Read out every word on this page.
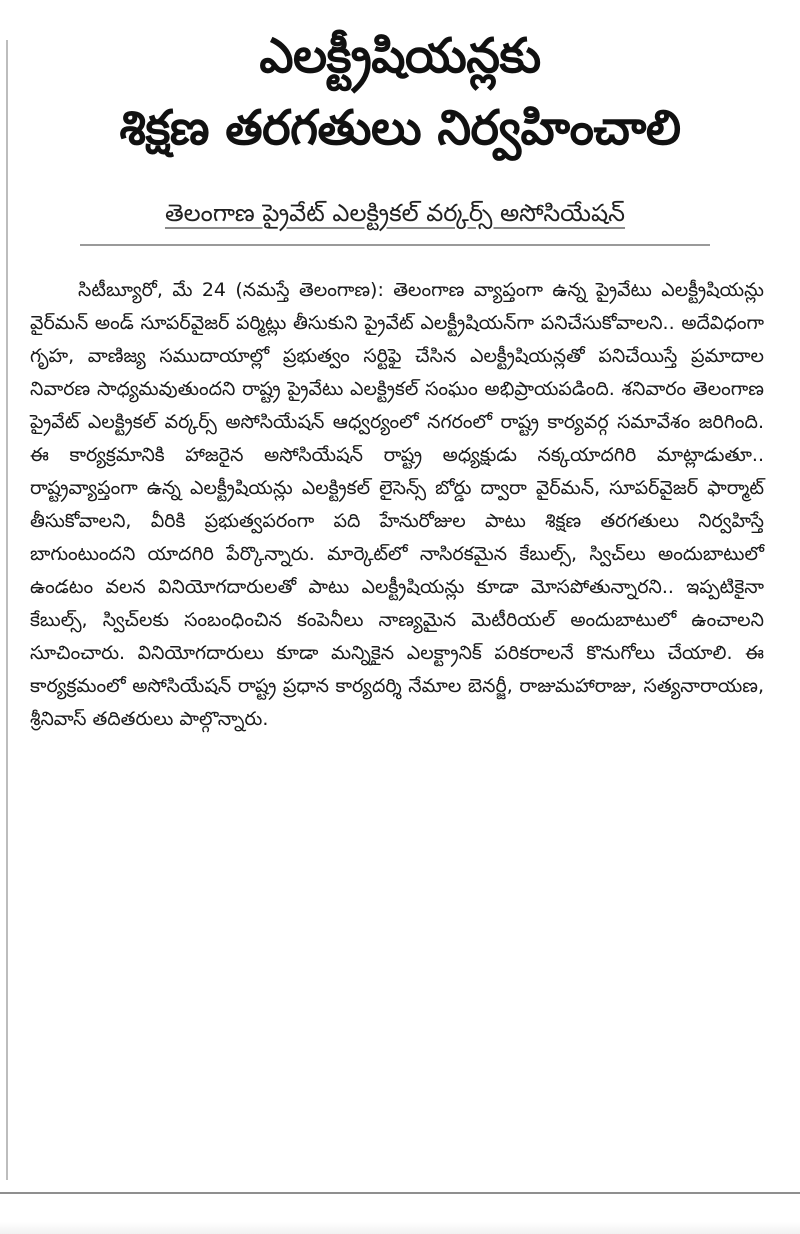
ఎలక్ట్రీషియన్లకు
శిక్షణ తరగతులు నిర్వహించాలి
తెలంగాణ ప్రైవేట్ ఎలక్ట్రికల్ వర్కర్స్ అసోసియేషన్

సిటీబ్యూరో, మే 24 (నమస్తే తెలంగాణ): తెలంగాణ వ్యాప్తంగా ఉన్న ప్రైవేటు ఎలక్ట్రీషియన్లు వైర్‌మన్ అండ్ సూపర్‌వైజర్ పర్మిట్లు తీసుకుని ప్రైవేట్ ఎలక్ట్రీషియన్‌గా పనిచేసుకోవాలని.. అదేవిధంగా గృహ, వాణిజ్య సముదాయాల్లో ప్రభుత్వం సర్టిఫై చేసిన ఎలక్ట్రీషియన్లతో పనిచేయిస్తే ప్రమాదాల నివారణ సాధ్యమవుతుందని రాష్ట్ర ప్రైవేటు ఎలక్ట్రికల్ సంఘం అభిప్రాయపడింది. శనివారం తెలంగాణ ప్రైవేట్ ఎలక్ట్రికల్ వర్కర్స్ అసోసియేషన్ ఆధ్వర్యంలో నగరంలో రాష్ట్ర కార్యవర్గ సమావేశం జరిగింది. ఈ కార్యక్రమానికి హాజరైన అసోసియేషన్ రాష్ట్ర అధ్యక్షుడు నక్కయాదగిరి మాట్లాడుతూ.. రాష్ట్రవ్యాప్తంగా ఉన్న ఎలక్ట్రీషియన్లు ఎలక్ట్రికల్ లైసెన్స్ బోర్డు ద్వారా వైర్‌మన్, సూపర్‌వైజర్ ఫార్మాట్ తీసుకోవాలని, వీరికి ప్రభుత్వపరంగా పది హేనురోజుల పాటు శిక్షణ తరగతులు నిర్వహిస్తే బాగుంటుందని యాదగిరి పేర్కొన్నారు. మార్కెట్‌లో నాసిరకమైన కేబుల్స్, స్విచ్‌లు అందుబాటులో ఉండటం వలన వినియోగదారులతో పాటు ఎలక్ట్రీషియన్లు కూడా మోసపోతున్నారని.. ఇప్పటికైనా కేబుల్స్, స్విచ్‌లకు సంబంధించిన కంపెనీలు నాణ్యమైన మెటీరియల్ అందుబాటులో ఉంచాలని సూచించారు. వినియోగదారులు కూడా మన్నికైన ఎలక్ట్రానిక్ పరికరాలనే కొనుగోలు చేయాలి. ఈ కార్యక్రమంలో అసోసియేషన్ రాష్ట్ర ప్రధాన కార్యదర్శి నేమాల బెనర్జీ, రాజుమహారాజు, సత్యనారాయణ, శ్రీనివాస్ తదితరులు పాల్గొన్నారు.
